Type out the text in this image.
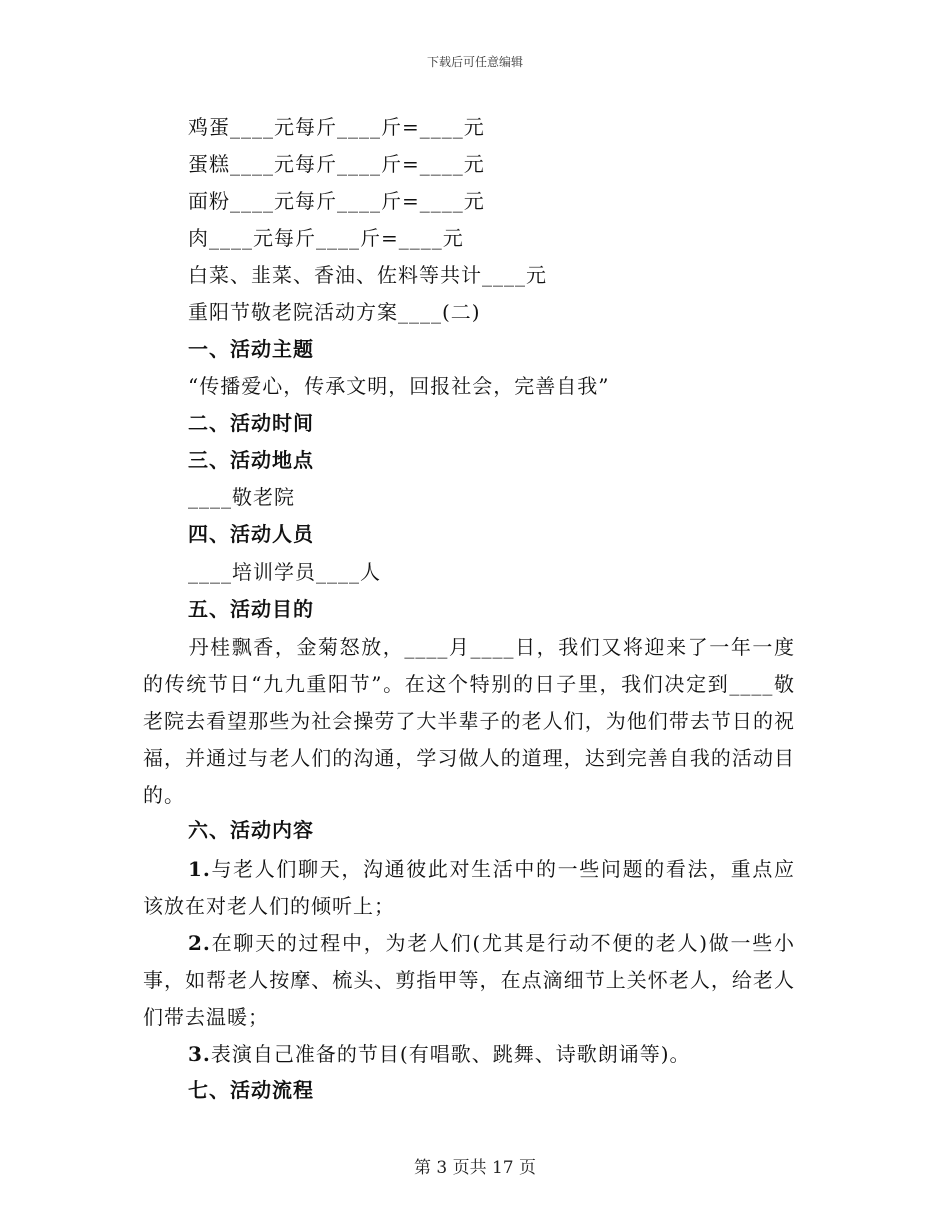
下载后可任意编辑
鸡蛋____元每斤____斤=____元
蛋糕____元每斤____斤=____元
面粉____元每斤____斤=____元
肉____元每斤____斤=____元
白菜、韭菜、香油、佐料等共计____元
重阳节敬老院活动方案____(二)
一、活动主题
“传播爱心，传承文明，回报社会，完善自我”
二、活动时间
三、活动地点
____敬老院
四、活动人员
____培训学员____人
五、活动目的
丹桂飘香，金菊怒放，____月____日，我们又将迎来了一年一度的传统节日“九九重阳节”。在这个特别的日子里，我们决定到____敬老院去看望那些为社会操劳了大半辈子的老人们，为他们带去节日的祝福，并通过与老人们的沟通，学习做人的道理，达到完善自我的活动目的。
六、活动内容
1.与老人们聊天，沟通彼此对生活中的一些问题的看法，重点应该放在对老人们的倾听上；
2.在聊天的过程中，为老人们(尤其是行动不便的老人)做一些小事，如帮老人按摩、梳头、剪指甲等，在点滴细节上关怀老人，给老人们带去温暖；
3.表演自己准备的节目(有唱歌、跳舞、诗歌朗诵等)。
七、活动流程
第 3 页共 17 页
